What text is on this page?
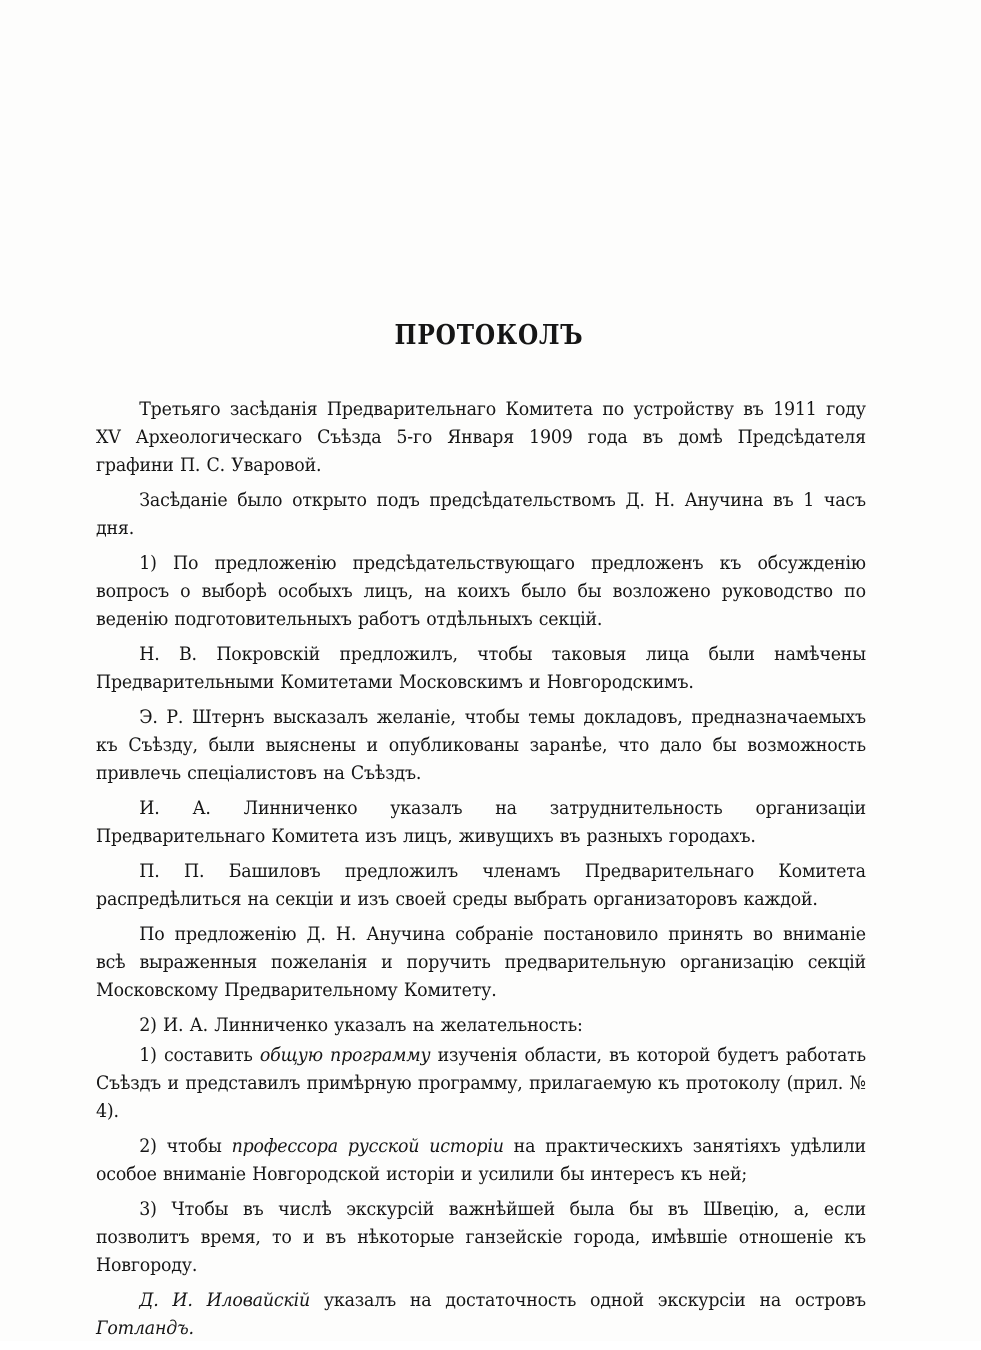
ПРОТОКОЛЪ

Третьяго засѣданія Предварительнаго Комитета по устройству въ 1911 году XV Археологическаго Съѣзда 5-го Января 1909 года въ домѣ Предсѣдателя графини П. С. Уваровой.

Засѣданіе было открыто подъ предсѣдательствомъ Д. Н. Анучина въ 1 часъ дня.

1) По предложенію предсѣдательствующаго предложенъ къ обсужденію вопросъ о выборѣ особыхъ лицъ, на коихъ было бы возложено руководство по веденію подготовительныхъ работъ отдѣльныхъ секцій.

Н. В. Покровскій предложилъ, чтобы таковыя лица были намѣчены Предварительными Комитетами Московскимъ и Новгородскимъ.

Э. Р. Штернъ высказалъ желаніе, чтобы темы докладовъ, предназначаемыхъ къ Съѣзду, были выяснены и опубликованы заранѣе, что дало бы возможность привлечь спеціалистовъ на Съѣздъ.

И. А. Линниченко указалъ на затруднительность организаціи Предварительнаго Комитета изъ лицъ, живущихъ въ разныхъ городахъ.

П. П. Башиловъ предложилъ членамъ Предварительнаго Комитета распредѣлиться на секціи и изъ своей среды выбрать организаторовъ каждой.

По предложенію Д. Н. Анучина собраніе постановило принять во вниманіе всѣ выраженныя пожеланія и поручить предварительную организацію секцій Московскому Предварительному Комитету.

2) И. А. Линниченко указалъ на желательность:

1) составить общую программу изученія области, въ которой будетъ работать Съѣздъ и представилъ примѣрную программу, прилагаемую къ протоколу (прил. № 4).

2) чтобы профессора русской исторіи на практическихъ занятіяхъ удѣлили особое вниманіе Новгородской исторіи и усилили бы интересъ къ ней;

3) Чтобы въ числѣ экскурсій важнѣйшей была бы въ Швецію, а, если позволитъ время, то и въ нѣкоторые ганзейскіе города, имѣвшіе отношеніе къ Новгороду.

Д. И. Иловайскій указалъ на достаточность одной экскурсіи на островъ Готландъ.
